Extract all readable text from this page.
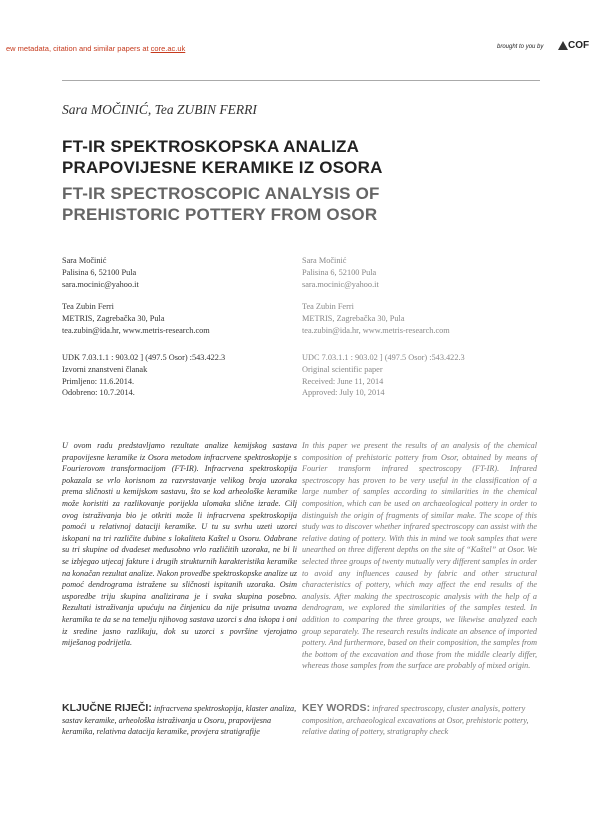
ew metadata, citation and similar papers at core.ac.uk	brought to you by COF
Sara MOČINIĆ, Tea ZUBIN FERRI
FT-IR SPEKTROSKOPSKA ANALIZA
PRAPOVIJESNE KERAMIKE IZ OSORA
FT-IR SPECTROSCOPIC ANALYSIS OF
PREHISTORIC POTTERY FROM OSOR
Sara Močinić
Palisina 6, 52100 Pula
sara.mocinic@yahoo.it
Tea Zubin Ferri
METRIS, Zagrebačka 30, Pula
tea.zubin@ida.hr, www.metris-research.com
Sara Močinić
Palisina 6, 52100 Pula
sara.mocinic@yahoo.it
Tea Zubin Ferri
METRIS, Zagrebačka 30, Pula
tea.zubin@ida.hr, www.metris-research.com
UDK 7.03.1.1 : 903.02 ] (497.5 Osor) :543.422.3
Izvorni znanstveni članak
Primljeno: 11.6.2014.
Odobreno: 10.7.2014.
UDC 7.03.1.1 : 903.02 ] (497.5 Osor) :543.422.3
Original scientific paper
Received: June 11, 2014
Approved: July 10, 2014
U ovom radu predstavljamo rezultate analize kemijskog sastava prapovijesne keramike iz Osora metodom infracrvene spektroskopije s Fourierovom transformacijom (FT-IR). Infracrvena spektroskopija pokazala se vrlo korisnom za razvrstavanje velikog broja uzoraka prema sličnosti u kemijskom sastavu, što se kod arheološke keramike može koristiti za razlikovanje porijekla ulomaka slične izrade. Cilj ovog istraživanja bio je otkriti može li infracrvena spektroskopija pomoći u relativnoj dataciji keramike. U tu su svrhu uzeti uzorci iskopani na tri različite dubine s lokaliteta Kaštel u Osoru. Odabrane su tri skupine od dvadeset međusobno vrlo različitih uzoraka, ne bi li se izbjegao utjecaj fakture i drugih strukturnih karakteristika keramike na konačan rezultat analize. Nakon provedbe spektroskopske analize uz pomoć dendrograma istražene su sličnosti ispitanih uzoraka. Osim usporedbe triju skupina analizirana je i svaka skupina posebno. Rezultati istraživanja upućuju na činjenicu da nije prisutna uvozna keramika te da se na temelju njihovog sastava uzorci s dna iskopa i oni iz sredine jasno razlikuju, dok su uzorci s površine vjerojatno miješanog podrijetla.
In this paper we present the results of an analysis of the chemical composition of prehistoric pottery from Osor, obtained by means of Fourier transform infrared spectroscopy (FT-IR). Infrared spectroscopy has proven to be very useful in the classification of a large number of samples according to similarities in the chemical composition, which can be used on archaeological pottery in order to distinguish the origin of fragments of similar make. The scope of this study was to discover whether infrared spectroscopy can assist with the relative dating of pottery. With this in mind we took samples that were unearthed on three different depths on the site of “Kaštel” at Osor. We selected three groups of twenty mutually very different samples in order to avoid any influences caused by fabric and other structural characteristics of pottery, which may affect the end results of the analysis. After making the spectroscopic analysis with the help of a dendrogram, we explored the similarities of the samples tested. In addition to comparing the three groups, we likewise analyzed each group separately. The research results indicate an absence of imported pottery. And furthermore, based on their composition, the samples from the bottom of the excavation and those from the middle clearly differ, whereas those samples from the surface are probably of mixed origin.
KLJUČNE RIJEČI: infracrvena spektroskopija, klaster analiza, sastav keramike, arheološka istraživanja u Osoru, prapovijesna keramika, relativna datacija keramike, provjera stratigrafije
KEY WORDS: infrared spectroscopy, cluster analysis, pottery composition, archaeological excavations at Osor, prehistoric pottery, relative dating of pottery, stratigraphy check
